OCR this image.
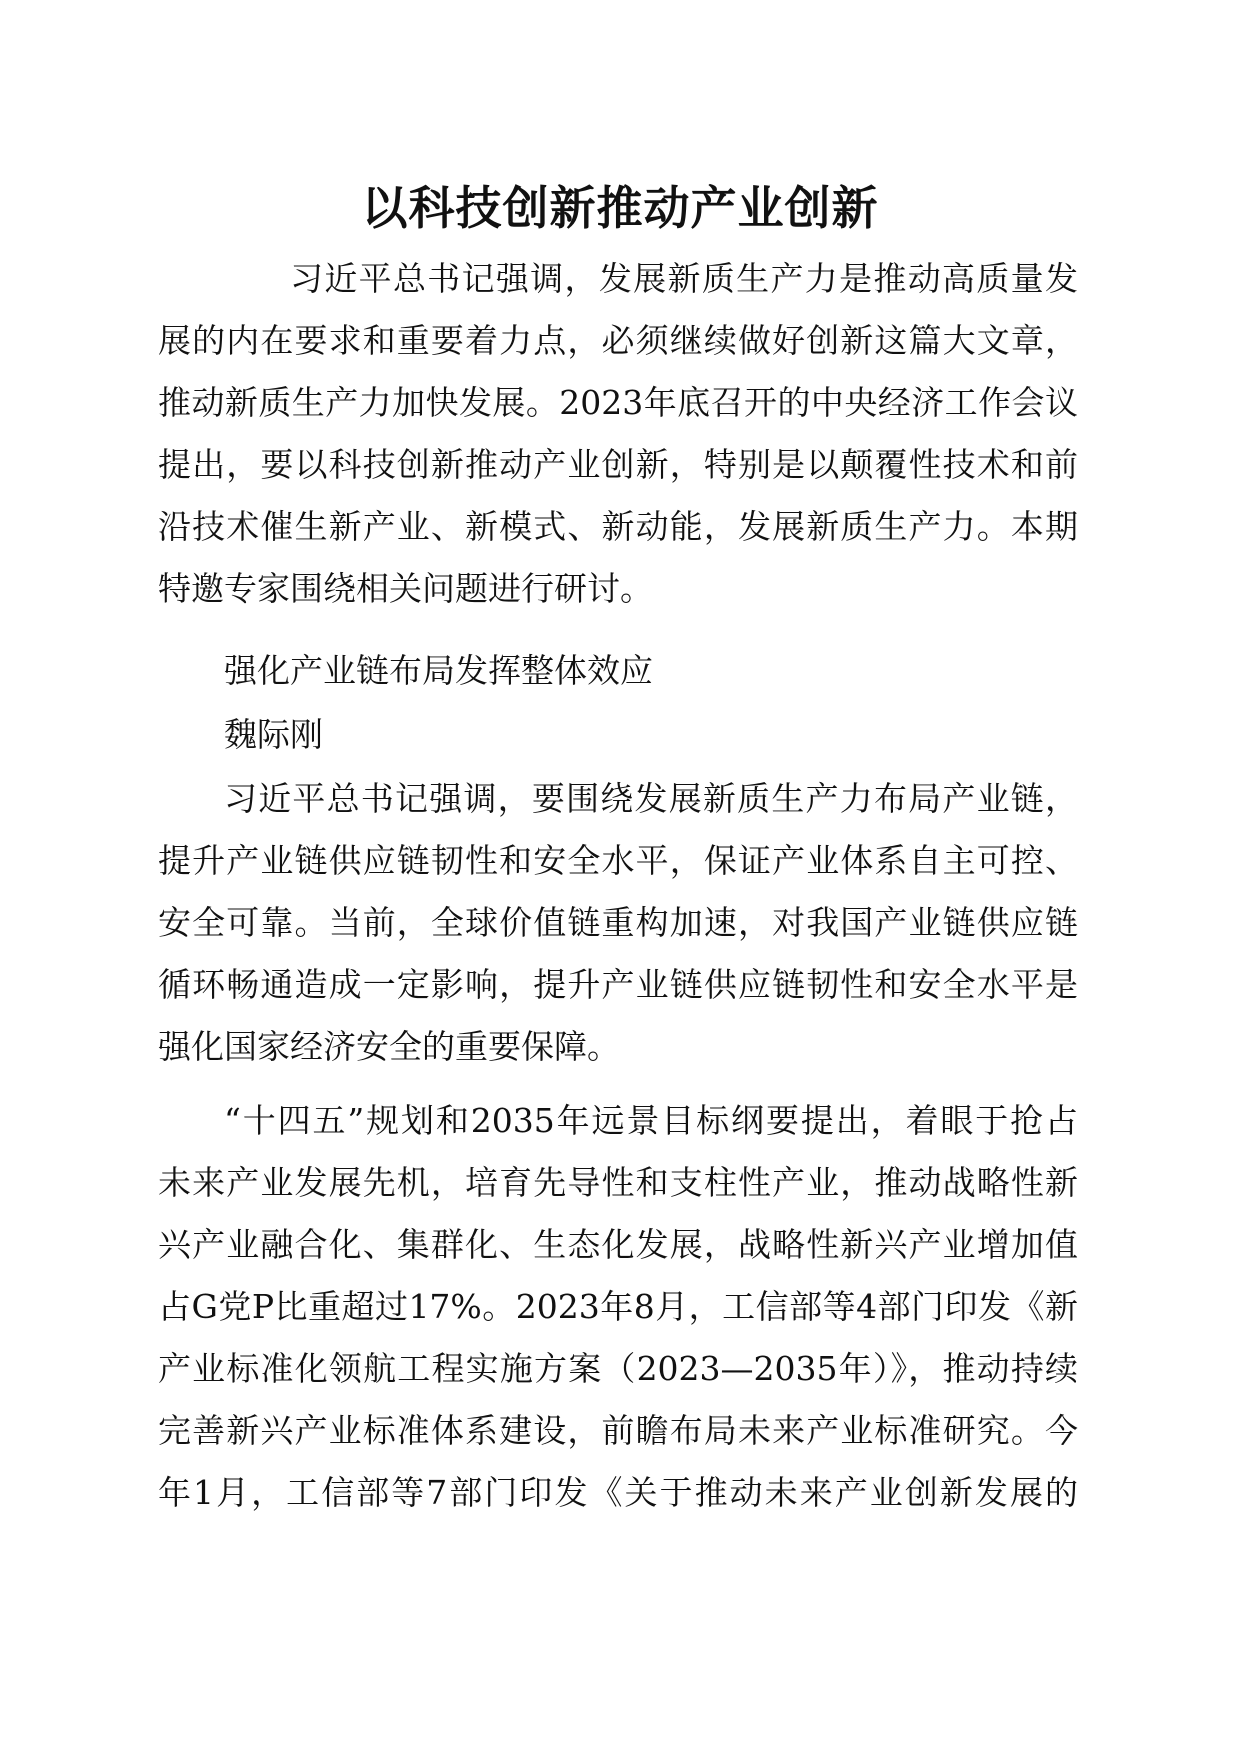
以科技创新推动产业创新
习近平总书记强调，发展新质生产力是推动高质量发
展的内在要求和重要着力点，必须继续做好创新这篇大文章，
推动新质生产力加快发展。2023年底召开的中央经济工作会议
提出，要以科技创新推动产业创新，特别是以颠覆性技术和前
沿技术催生新产业、新模式、新动能，发展新质生产力。本期
特邀专家围绕相关问题进行研讨。
强化产业链布局发挥整体效应
魏际刚
习近平总书记强调，要围绕发展新质生产力布局产业链，
提升产业链供应链韧性和安全水平，保证产业体系自主可控、
安全可靠。当前，全球价值链重构加速，对我国产业链供应链
循环畅通造成一定影响，提升产业链供应链韧性和安全水平是
强化国家经济安全的重要保障。
“十四五”规划和2035年远景目标纲要提出，着眼于抢占
未来产业发展先机，培育先导性和支柱性产业，推动战略性新
兴产业融合化、集群化、生态化发展，战略性新兴产业增加值
占G党P比重超过17%。2023年8月，工信部等4部门印发《新
产业标准化领航工程实施方案（2023—2035年）》，推动持续
完善新兴产业标准体系建设，前瞻布局未来产业标准研究。今
年1月，工信部等7部门印发《关于推动未来产业创新发展的
